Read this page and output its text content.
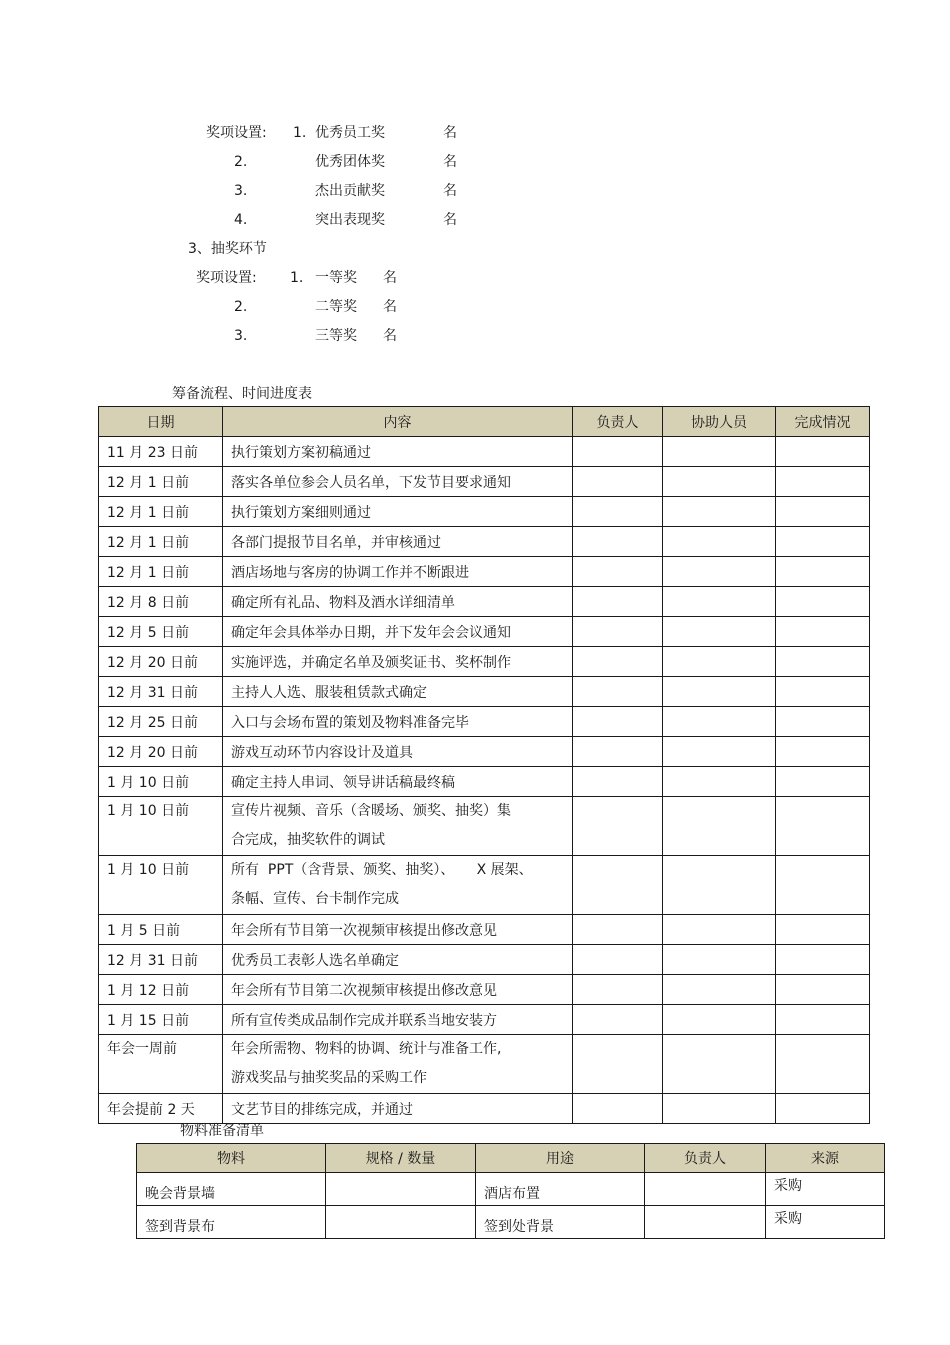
奖项设置: 1. 优秀员工奖	名
2.	优秀团体奖	名
3.	杰出贡献奖	名
4.	突出表现奖	名
3、抽奖环节
奖项设置: 1. 一等奖 名
2.	二等奖 名
3.	三等奖 名
筹备流程、时间进度表
日期	内容	负责人	协助人员	完成情况
11 月 23 日前	执行策划方案初稿通过			

12 月 1 日前	落实各单位参会人员名单，下发节目要求通知			

12 月 1 日前	执行策划方案细则通过			

12 月 1 日前	各部门提报节目名单，并审核通过			

12 月 1 日前	酒店场地与客房的协调工作并不断跟进			

12 月 8 日前	确定所有礼品、物料及酒水详细清单			

12 月 5 日前	确定年会具体举办日期，并下发年会会议通知			

12 月 20 日前	实施评选，并确定名单及颁奖证书、奖杯制作			

12 月 31 日前	主持人人选、服装租赁款式确定			

12 月 25 日前	入口与会场布置的策划及物料准备完毕			

12 月 20 日前	游戏互动环节内容设计及道具			

1 月 10 日前	确定主持人串词、领导讲话稿最终稿			

1 月 10 日前	宣传片视频、音乐（含暖场、颁奖、抽奖）集
合完成，抽奖软件的调试			

1 月 10 日前	所有  PPT（含背景、颁奖、抽奖）、     X 展架、
条幅、宣传、台卡制作完成			

1 月 5 日前	年会所有节目第一次视频审核提出修改意见			

12 月 31 日前	优秀员工表彰人选名单确定			

1 月 12 日前	年会所有节目第二次视频审核提出修改意见			

1 月 15 日前	所有宣传类成品制作完成并联系当地安装方			

年会一周前	年会所需物、物料的协调、统计与准备工作,
游戏奖品与抽奖奖品的采购工作			

年会提前 2 天	文艺节目的排练完成，并通过			

物料准备清单
物料	规格 / 数量	用途	负责人	来源
晚会背景墙		酒店布置		采购
签到背景布		签到处背景		采购
